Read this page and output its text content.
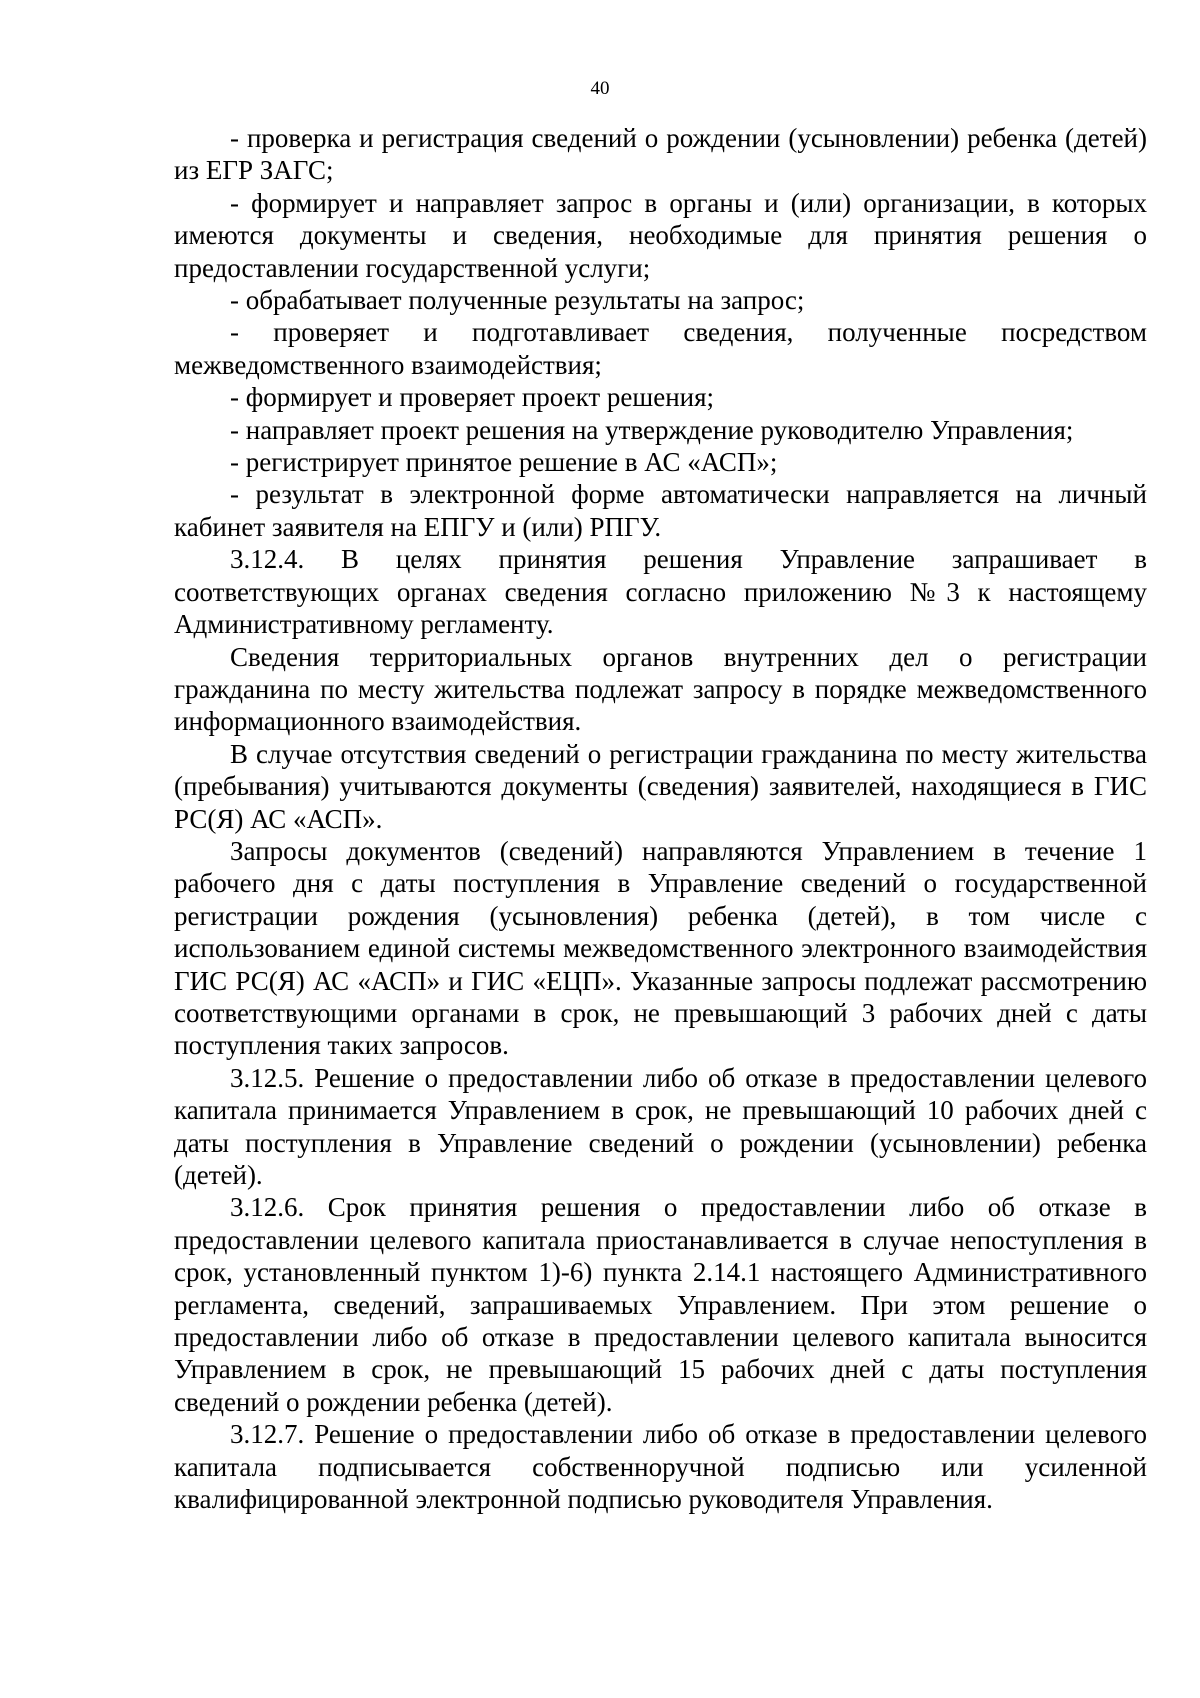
40

- проверка и регистрация сведений о рождении (усыновлении) ребенка (детей) из ЕГР ЗАГС;

- формирует и направляет запрос в органы и (или) организации, в которых имеются документы и сведения, необходимые для принятия решения о предоставлении государственной услуги;

- обрабатывает полученные результаты на запрос;

- проверяет и подготавливает сведения, полученные посредством межведомственного взаимодействия;

- формирует и проверяет проект решения;

- направляет проект решения на утверждение руководителю Управления;

- регистрирует принятое решение в АС «АСП»;

- результат в электронной форме автоматически направляется на личный кабинет заявителя на ЕПГУ и (или) РПГУ.

3.12.4. В целях принятия решения Управление запрашивает в соответствующих органах сведения согласно приложению №3 к настоящему Административному регламенту.

Сведения территориальных органов внутренних дел о регистрации гражданина по месту жительства подлежат запросу в порядке межведомственного информационного взаимодействия.

В случае отсутствия сведений о регистрации гражданина по месту жительства (пребывания) учитываются документы (сведения) заявителей, находящиеся в ГИС РС(Я) АС «АСП».

Запросы документов (сведений) направляются Управлением в течение 1 рабочего дня с даты поступления в Управление сведений о государственной регистрации рождения (усыновления) ребенка (детей), в том числе с использованием единой системы межведомственного электронного взаимодействия ГИС РС(Я) АС «АСП» и ГИС «ЕЦП». Указанные запросы подлежат рассмотрению соответствующими органами в срок, не превышающий 3 рабочих дней с даты поступления таких запросов.

3.12.5. Решение о предоставлении либо об отказе в предоставлении целевого капитала принимается Управлением в срок, не превышающий 10 рабочих дней с даты поступления в Управление сведений о рождении (усыновлении) ребенка (детей).

3.12.6. Срок принятия решения о предоставлении либо об отказе в предоставлении целевого капитала приостанавливается в случае непоступления в срок, установленный пунктом 1)-6) пункта 2.14.1 настоящего Административного регламента, сведений, запрашиваемых Управлением. При этом решение о предоставлении либо об отказе в предоставлении целевого капитала выносится Управлением в срок, не превышающий 15 рабочих дней с даты поступления сведений о рождении ребенка (детей).

3.12.7. Решение о предоставлении либо об отказе в предоставлении целевого капитала подписывается собственноручной подписью или усиленной квалифицированной электронной подписью руководителя Управления.
